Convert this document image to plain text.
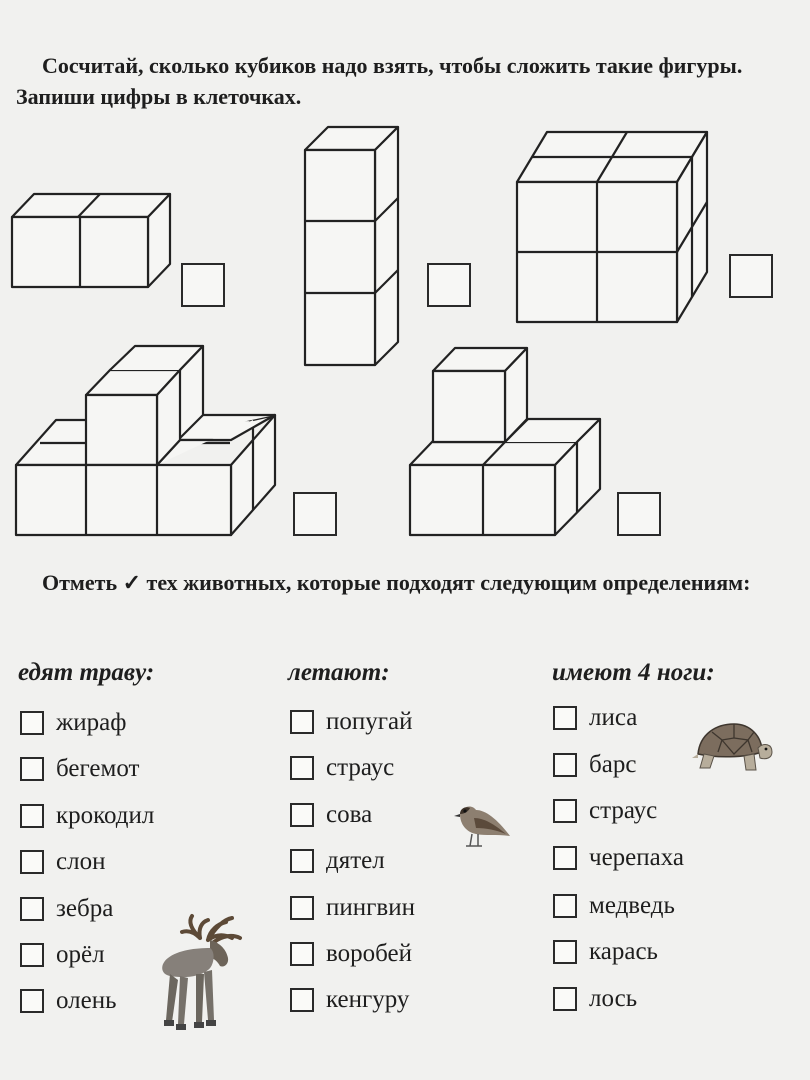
Сосчитай, сколько кубиков надо взять, чтобы сложить такие фигуры. Запиши цифры в клеточках.
Отметь ✓ тех животных, которые подходят следующим определениям:
едят траву:
жираф
бегемот
крокодил
слон
зебра
орёл
олень
летают:
попугай
страус
сова
дятел
пингвин
воробей
кенгуру
имеют 4 ноги:
лиса
барс
страус
черепаха
медведь
карась
лось
